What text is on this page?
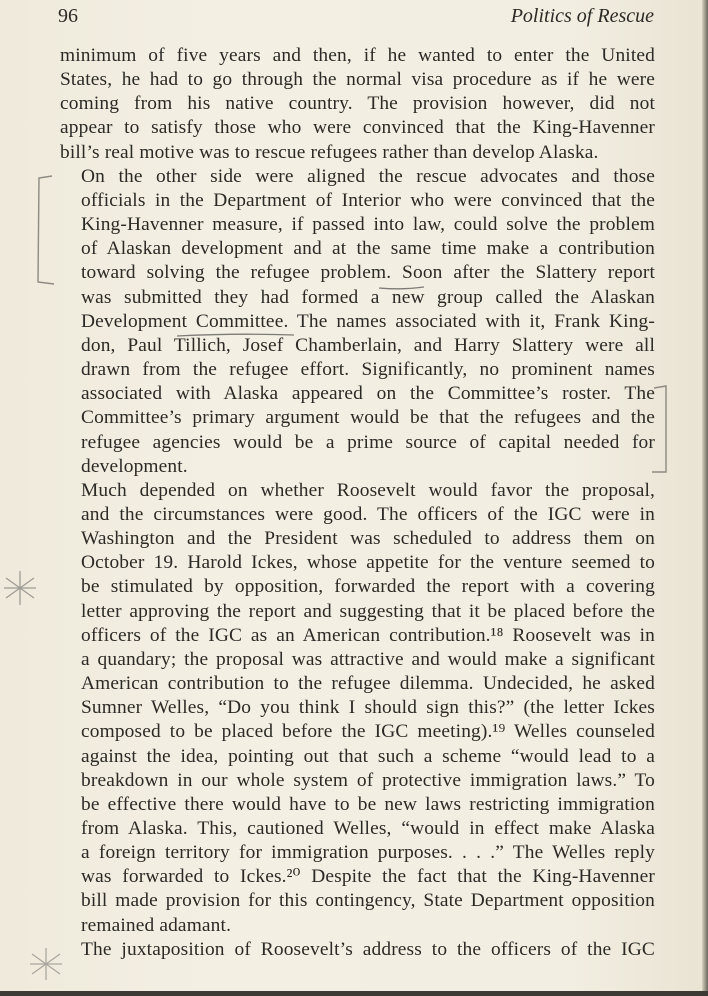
96	Politics of Rescue

minimum of five years and then, if he wanted to enter the United
States, he had to go through the normal visa procedure as if he were
coming from his native country. The provision however, did not
appear to satisfy those who were convinced that the King-Havenner
bill’s real motive was to rescue refugees rather than develop Alaska.

On the other side were aligned the rescue advocates and those
officials in the Department of Interior who were convinced that the
King-Havenner measure, if passed into law, could solve the problem
of Alaskan development and at the same time make a contribution
toward solving the refugee problem. Soon after the Slattery report
was submitted they had formed a new group called the Alaskan
Development Committee. The names associated with it, Frank King-
don, Paul Tillich, Josef Chamberlain, and Harry Slattery were all
drawn from the refugee effort. Significantly, no prominent names
associated with Alaska appeared on the Committee’s roster. The
Committee’s primary argument would be that the refugees and the
refugee agencies would be a prime source of capital needed for
development.

Much depended on whether Roosevelt would favor the proposal,
and the circumstances were good. The officers of the IGC were in
Washington and the President was scheduled to address them on
October 19. Harold Ickes, whose appetite for the venture seemed to
be stimulated by opposition, forwarded the report with a covering
letter approving the report and suggesting that it be placed before the
officers of the IGC as an American contribution.¹⁸ Roosevelt was in
a quandary; the proposal was attractive and would make a significant
American contribution to the refugee dilemma. Undecided, he asked
Sumner Welles, “Do you think I should sign this?” (the letter Ickes
composed to be placed before the IGC meeting).¹⁹ Welles counseled
against the idea, pointing out that such a scheme “would lead to a
breakdown in our whole system of protective immigration laws.” To
be effective there would have to be new laws restricting immigration
from Alaska. This, cautioned Welles, “would in effect make Alaska
a foreign territory for immigration purposes. . . .” The Welles reply
was forwarded to Ickes.²⁰ Despite the fact that the King-Havenner
bill made provision for this contingency, State Department opposition
remained adamant.

The juxtaposition of Roosevelt’s address to the officers of the IGC
